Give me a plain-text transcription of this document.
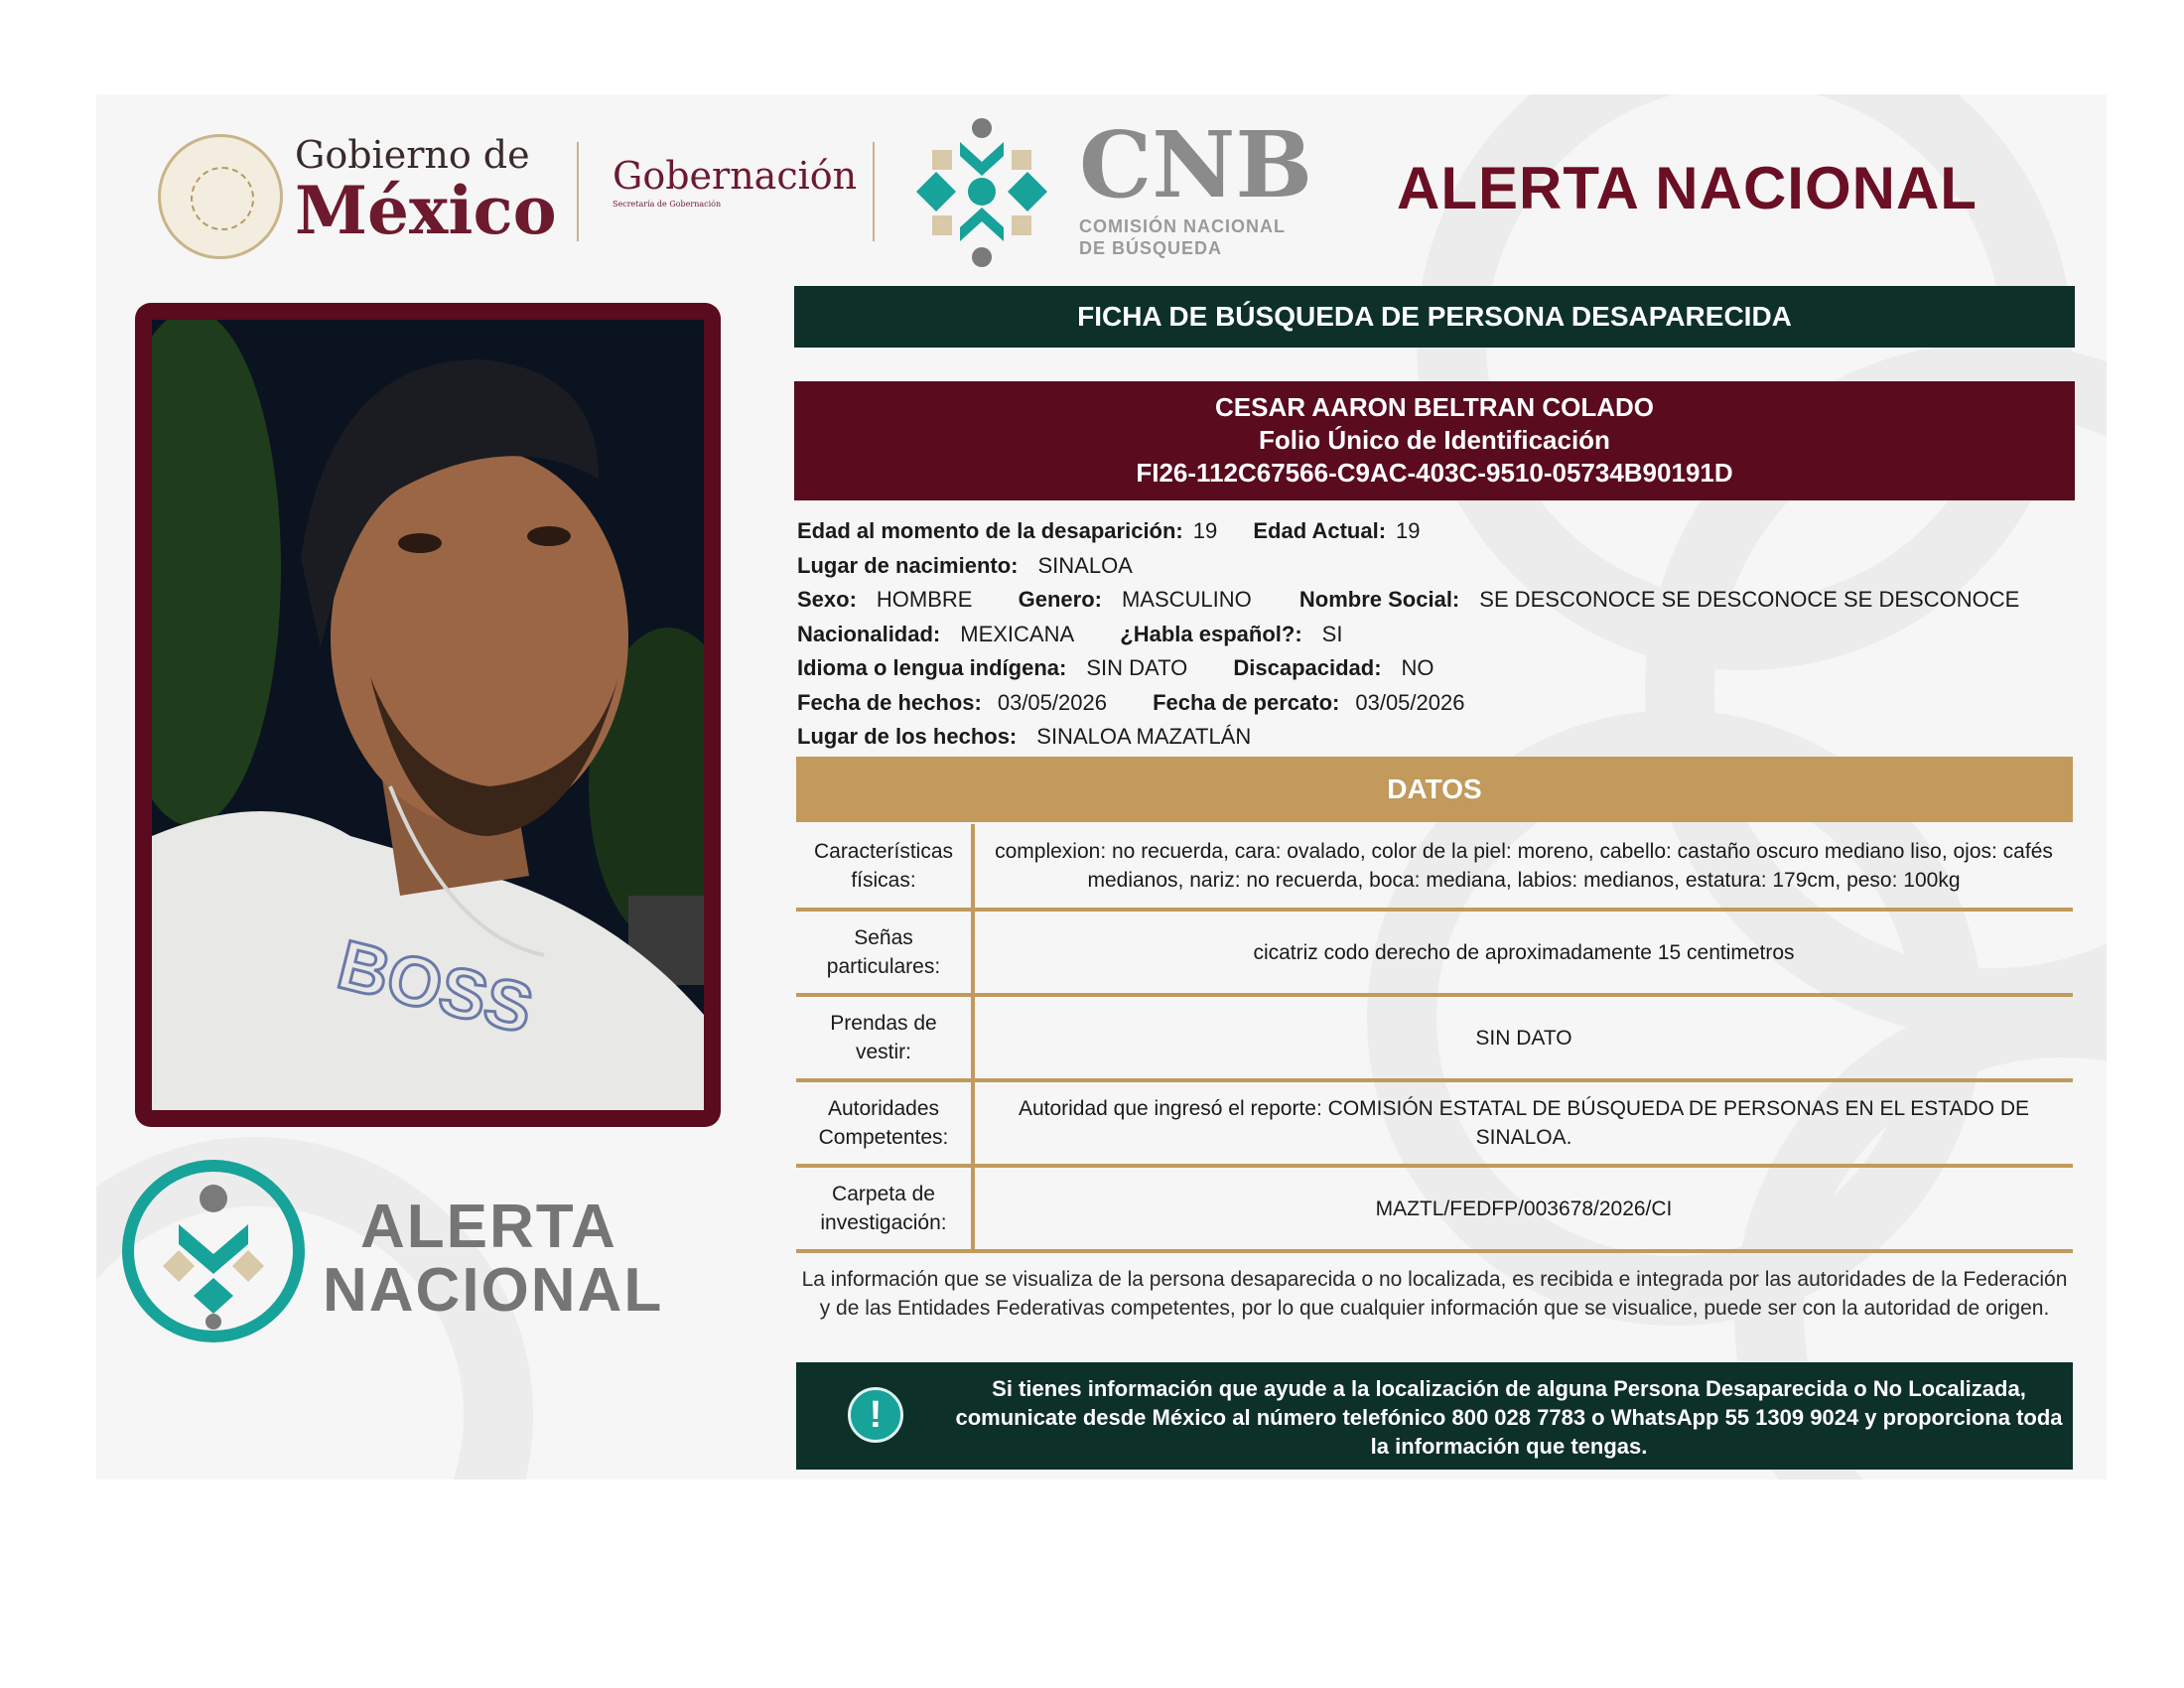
Gobierno de
México Gobernación
Secretaría de Gobernación	CNB
COMISIÓN NACIONAL
DE BÚSQUEDA
ALERTA NACIONAL
BOSS
ALERTA
NACIONAL
FICHA DE BÚSQUEDA DE PERSONA DESAPARECIDA
CESAR AARON BELTRAN COLADO
Folio Único de Identificación
FI26-112C67566-C9AC-403C-9510-05734B90191D
Edad al momento de la desaparición: 19 Edad Actual: 19
Lugar de nacimiento: SINALOA
Sexo: HOMBRE Genero: MASCULINO Nombre Social: SE DESCONOCE SE DESCONOCE SE DESCONOCE
Nacionalidad: MEXICANA ¿Habla español?: SI
Idioma o lengua indígena: SIN DATO Discapacidad: NO
Fecha de hechos: 03/05/2026 Fecha de percato: 03/05/2026
Lugar de los hechos: SINALOA MAZATLÁN
DATOS
Características físicas:	complexion: no recuerda, cara: ovalado, color de la piel: moreno, cabello: castaño oscuro mediano liso, ojos: cafés medianos, nariz: no recuerda, boca: mediana, labios: medianos, estatura: 179cm, peso: 100kg
Señas particulares:	cicatriz codo derecho de aproximadamente 15 centimetros
Prendas de vestir:	SIN DATO
Autoridades Competentes:	Autoridad que ingresó el reporte: COMISIÓN ESTATAL DE BÚSQUEDA DE PERSONAS EN EL ESTADO DE SINALOA.
Carpeta de investigación:	MAZTL/FEDFP/003678/2026/CI
La información que se visualiza de la persona desaparecida o no localizada, es recibida e integrada por las autoridades de la Federación y de las Entidades Federativas competentes, por lo que cualquier información que se visualice, puede ser con la autoridad de origen.
!
Si tienes información que ayude a la localización de alguna Persona Desaparecida o No Localizada, comunicate desde México al número telefónico 800 028 7783 o WhatsApp 55 1309 9024 y proporciona toda la información que tengas.
